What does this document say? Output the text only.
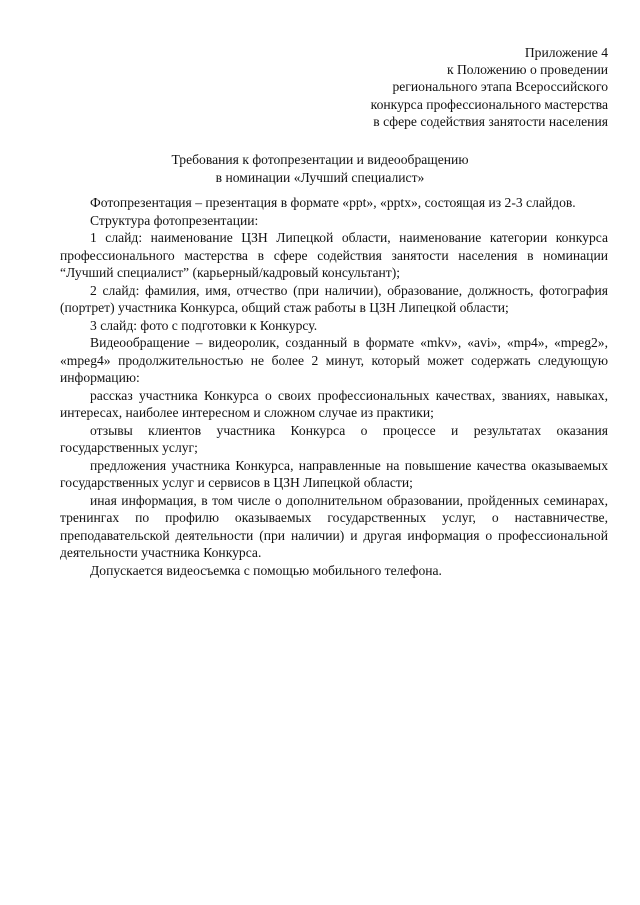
Приложение 4
к Положению о проведении
регионального этапа Всероссийского
конкурса профессионального мастерства
в сфере содействия занятости населения
Требования к фотопрезентации и видеообращению
в номинации «Лучший специалист»

Фотопрезентация – презентация в формате «ppt», «pptx», состоящая из 2-3 слайдов.

Структура фотопрезентации:

1 слайд: наименование ЦЗН Липецкой области, наименование категории конкурса профессионального мастерства в сфере содействия занятости населения в номинации “Лучший специалист” (карьерный/кадровый консультант);

2 слайд: фамилия, имя, отчество (при наличии), образование, должность, фотография (портрет) участника Конкурса, общий стаж работы в ЦЗН Липецкой области;

3 слайд: фото с подготовки к Конкурсу.

Видеообращение – видеоролик, созданный в формате «mkv», «avi», «mp4», «mpeg2», «mpeg4» продолжительностью не более 2 минут, который может содержать следующую информацию:

рассказ участника Конкурса о своих профессиональных качествах, званиях, навыках, интересах, наиболее интересном и сложном случае из практики;

отзывы клиентов участника Конкурса о процессе и результатах оказания государственных услуг;

предложения участника Конкурса, направленные на повышение качества оказываемых государственных услуг и сервисов в ЦЗН Липецкой области;

иная информация, в том числе о дополнительном образовании, пройденных семинарах, тренингах по профилю оказываемых государственных услуг, о наставничестве, преподавательской деятельности (при наличии) и другая информация о профессиональной деятельности участника Конкурса.

Допускается видеосъемка с помощью мобильного телефона.
